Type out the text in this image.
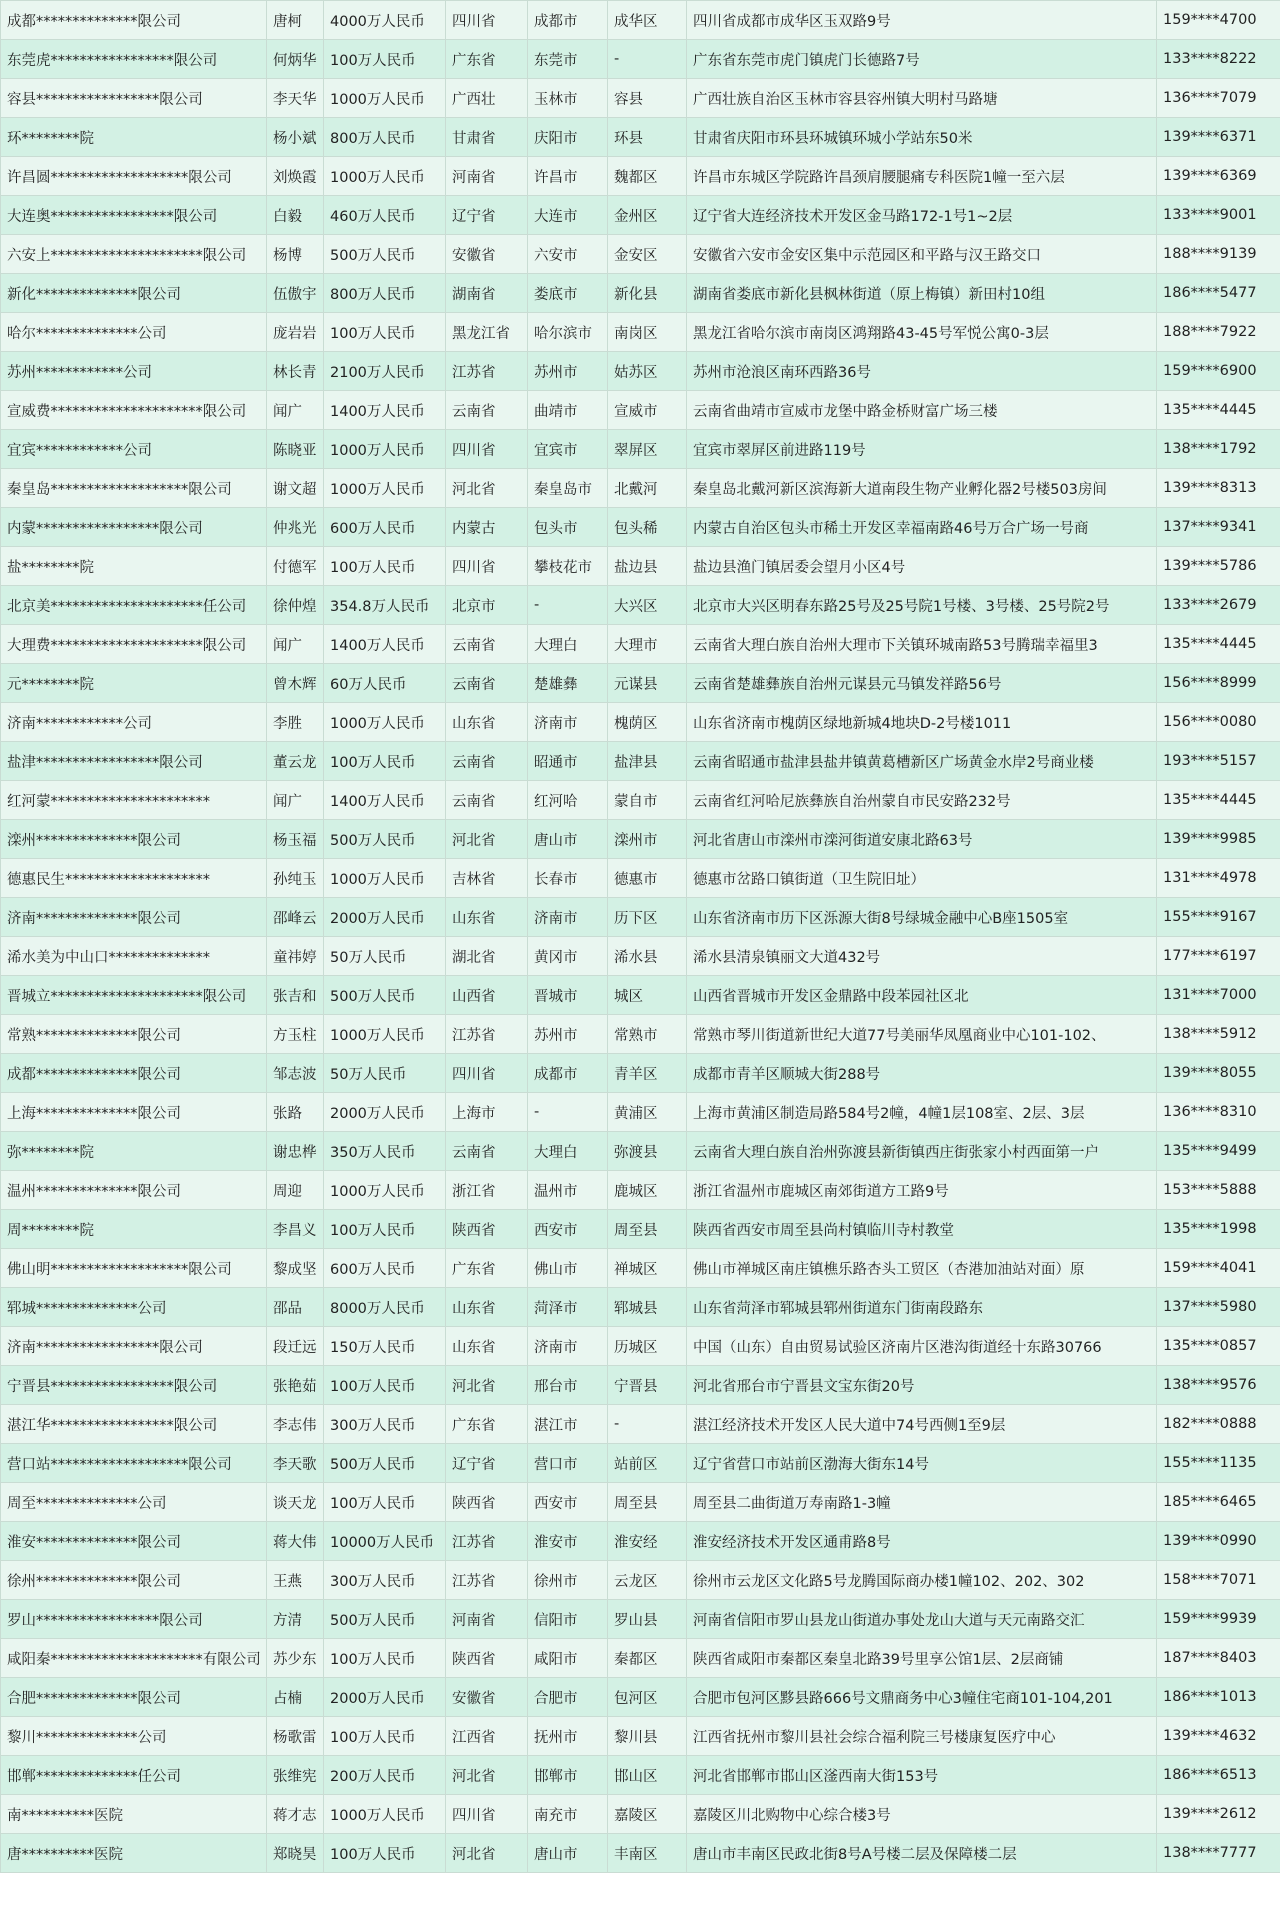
成都**************限公司	唐柯	4000万人民币	四川省	成都市	成华区	四川省成都市成华区玉双路9号	159****4700
东莞虎*****************限公司	何炳华	100万人民币	广东省	东莞市	-	广东省东莞市虎门镇虎门长德路7号	133****8222
容县*****************限公司	李天华	1000万人民币	广西壮	玉林市	容县	广西壮族自治区玉林市容县容州镇大明村马路塘	136****7079
环********院	杨小斌	800万人民币	甘肃省	庆阳市	环县	甘肃省庆阳市环县环城镇环城小学站东50米	139****6371
许昌圆*******************限公司	刘焕霞	1000万人民币	河南省	许昌市	魏都区	许昌市东城区学院路许昌颈肩腰腿痛专科医院1幢一至六层	139****6369
大连奥*****************限公司	白毅	460万人民币	辽宁省	大连市	金州区	辽宁省大连经济技术开发区金马路172-1号1~2层	133****9001
六安上*********************限公司	杨博	500万人民币	安徽省	六安市	金安区	安徽省六安市金安区集中示范园区和平路与汉王路交口	188****9139
新化**************限公司	伍傲宇	800万人民币	湖南省	娄底市	新化县	湖南省娄底市新化县枫林街道（原上梅镇）新田村10组	186****5477
哈尔**************公司	庞岩岩	100万人民币	黑龙江省	哈尔滨市	南岗区	黑龙江省哈尔滨市南岗区鸿翔路43-45号军悦公寓0-3层	188****7922
苏州************公司	林长青	2100万人民币	江苏省	苏州市	姑苏区	苏州市沧浪区南环西路36号	159****6900
宣威费*********************限公司	闻广	1400万人民币	云南省	曲靖市	宣威市	云南省曲靖市宣威市龙堡中路金桥财富广场三楼	135****4445
宜宾************公司	陈晓亚	1000万人民币	四川省	宜宾市	翠屏区	宜宾市翠屏区前进路119号	138****1792
秦皇岛*******************限公司	谢文超	1000万人民币	河北省	秦皇岛市	北戴河	秦皇岛北戴河新区滨海新大道南段生物产业孵化器2号楼503房间	139****8313
内蒙*****************限公司	仲兆光	600万人民币	内蒙古	包头市	包头稀	内蒙古自治区包头市稀土开发区幸福南路46号万合广场一号商	137****9341
盐********院	付德军	100万人民币	四川省	攀枝花市	盐边县	盐边县渔门镇居委会望月小区4号	139****5786
北京美*********************任公司	徐仲煌	354.8万人民币	北京市	-	大兴区	北京市大兴区明春东路25号及25号院1号楼、3号楼、25号院2号	133****2679
大理费*********************限公司	闻广	1400万人民币	云南省	大理白	大理市	云南省大理白族自治州大理市下关镇环城南路53号腾瑞幸福里3	135****4445
元********院	曾木辉	60万人民币	云南省	楚雄彝	元谋县	云南省楚雄彝族自治州元谋县元马镇发祥路56号	156****8999
济南************公司	李胜	1000万人民币	山东省	济南市	槐荫区	山东省济南市槐荫区绿地新城4地块D-2号楼1011	156****0080
盐津*****************限公司	董云龙	100万人民币	云南省	昭通市	盐津县	云南省昭通市盐津县盐井镇黄葛槽新区广场黄金水岸2号商业楼	193****5157
红河蒙**********************	闻广	1400万人民币	云南省	红河哈	蒙自市	云南省红河哈尼族彝族自治州蒙自市民安路232号	135****4445
滦州**************限公司	杨玉福	500万人民币	河北省	唐山市	滦州市	河北省唐山市滦州市滦河街道安康北路63号	139****9985
德惠民生********************	孙纯玉	1000万人民币	吉林省	长春市	德惠市	德惠市岔路口镇街道（卫生院旧址）	131****4978
济南**************限公司	邵峰云	2000万人民币	山东省	济南市	历下区	山东省济南市历下区泺源大街8号绿城金融中心B座1505室	155****9167
浠水美为中山口**************	童祎婷	50万人民币	湖北省	黄冈市	浠水县	浠水县清泉镇丽文大道432号	177****6197
晋城立*********************限公司	张吉和	500万人民币	山西省	晋城市	城区	山西省晋城市开发区金鼎路中段苯园社区北	131****7000
常熟**************限公司	方玉柱	1000万人民币	江苏省	苏州市	常熟市	常熟市琴川街道新世纪大道77号美丽华凤凰商业中心101-102、	138****5912
成都**************限公司	邹志波	50万人民币	四川省	成都市	青羊区	成都市青羊区顺城大街288号	139****8055
上海**************限公司	张路	2000万人民币	上海市	-	黄浦区	上海市黄浦区制造局路584号2幢，4幢1层108室、2层、3层	136****8310
弥********院	谢忠桦	350万人民币	云南省	大理白	弥渡县	云南省大理白族自治州弥渡县新街镇西庄街张家小村西面第一户	135****9499
温州**************限公司	周迎	1000万人民币	浙江省	温州市	鹿城区	浙江省温州市鹿城区南郊街道方工路9号	153****5888
周********院	李昌义	100万人民币	陕西省	西安市	周至县	陕西省西安市周至县尚村镇临川寺村教堂	135****1998
佛山明*******************限公司	黎成坚	600万人民币	广东省	佛山市	禅城区	佛山市禅城区南庄镇樵乐路杏头工贸区（杏港加油站对面）原	159****4041
郓城**************公司	邵品	8000万人民币	山东省	菏泽市	郓城县	山东省菏泽市郓城县郓州街道东门街南段路东	137****5980
济南*****************限公司	段迁远	150万人民币	山东省	济南市	历城区	中国（山东）自由贸易试验区济南片区港沟街道经十东路30766	135****0857
宁晋县*****************限公司	张艳茹	100万人民币	河北省	邢台市	宁晋县	河北省邢台市宁晋县文宝东街20号	138****9576
湛江华*****************限公司	李志伟	300万人民币	广东省	湛江市	-	湛江经济技术开发区人民大道中74号西侧1至9层	182****0888
营口站*******************限公司	李天歌	500万人民币	辽宁省	营口市	站前区	辽宁省营口市站前区渤海大街东14号	155****1135
周至**************公司	谈天龙	100万人民币	陕西省	西安市	周至县	周至县二曲街道万寿南路1-3幢	185****6465
淮安**************限公司	蒋大伟	10000万人民币	江苏省	淮安市	淮安经	淮安经济技术开发区通甫路8号	139****0990
徐州**************限公司	王燕	300万人民币	江苏省	徐州市	云龙区	徐州市云龙区文化路5号龙腾国际商办楼1幢102、202、302	158****7071
罗山*****************限公司	方清	500万人民币	河南省	信阳市	罗山县	河南省信阳市罗山县龙山街道办事处龙山大道与天元南路交汇	159****9939
咸阳秦*********************有限公司	苏少东	100万人民币	陕西省	咸阳市	秦都区	陕西省咸阳市秦都区秦皇北路39号里享公馆1层、2层商铺	187****8403
合肥**************限公司	占楠	2000万人民币	安徽省	合肥市	包河区	合肥市包河区黟县路666号文鼎商务中心3幢住宅商101-104,201	186****1013
黎川**************公司	杨歌雷	100万人民币	江西省	抚州市	黎川县	江西省抚州市黎川县社会综合福利院三号楼康复医疗中心	139****4632
邯郸**************任公司	张维宪	200万人民币	河北省	邯郸市	邯山区	河北省邯郸市邯山区滏西南大街153号	186****6513
南**********医院	蒋才志	1000万人民币	四川省	南充市	嘉陵区	嘉陵区川北购物中心综合楼3号	139****2612
唐**********医院	郑晓昊	100万人民币	河北省	唐山市	丰南区	唐山市丰南区民政北街8号A号楼二层及保障楼二层	138****7777
